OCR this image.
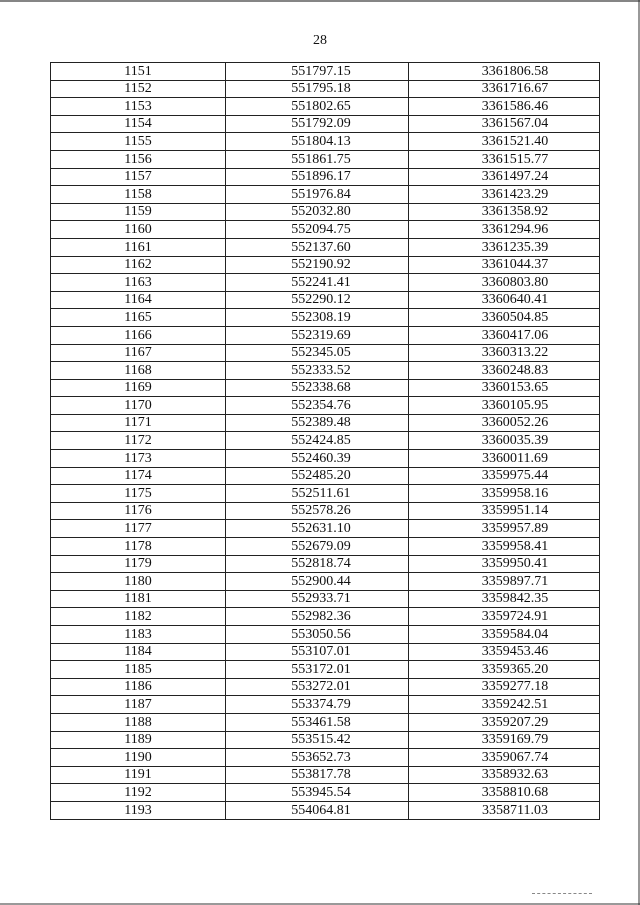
28
1151	551797.15	3361806.58
1152	551795.18	3361716.67
1153	551802.65	3361586.46
1154	551792.09	3361567.04
1155	551804.13	3361521.40
1156	551861.75	3361515.77
1157	551896.17	3361497.24
1158	551976.84	3361423.29
1159	552032.80	3361358.92
1160	552094.75	3361294.96
1161	552137.60	3361235.39
1162	552190.92	3361044.37
1163	552241.41	3360803.80
1164	552290.12	3360640.41
1165	552308.19	3360504.85
1166	552319.69	3360417.06
1167	552345.05	3360313.22
1168	552333.52	3360248.83
1169	552338.68	3360153.65
1170	552354.76	3360105.95
1171	552389.48	3360052.26
1172	552424.85	3360035.39
1173	552460.39	3360011.69
1174	552485.20	3359975.44
1175	552511.61	3359958.16
1176	552578.26	3359951.14
1177	552631.10	3359957.89
1178	552679.09	3359958.41
1179	552818.74	3359950.41
1180	552900.44	3359897.71
1181	552933.71	3359842.35
1182	552982.36	3359724.91
1183	553050.56	3359584.04
1184	553107.01	3359453.46
1185	553172.01	3359365.20
1186	553272.01	3359277.18
1187	553374.79	3359242.51
1188	553461.58	3359207.29
1189	553515.42	3359169.79
1190	553652.73	3359067.74
1191	553817.78	3358932.63
1192	553945.54	3358810.68
1193	554064.81	3358711.03
